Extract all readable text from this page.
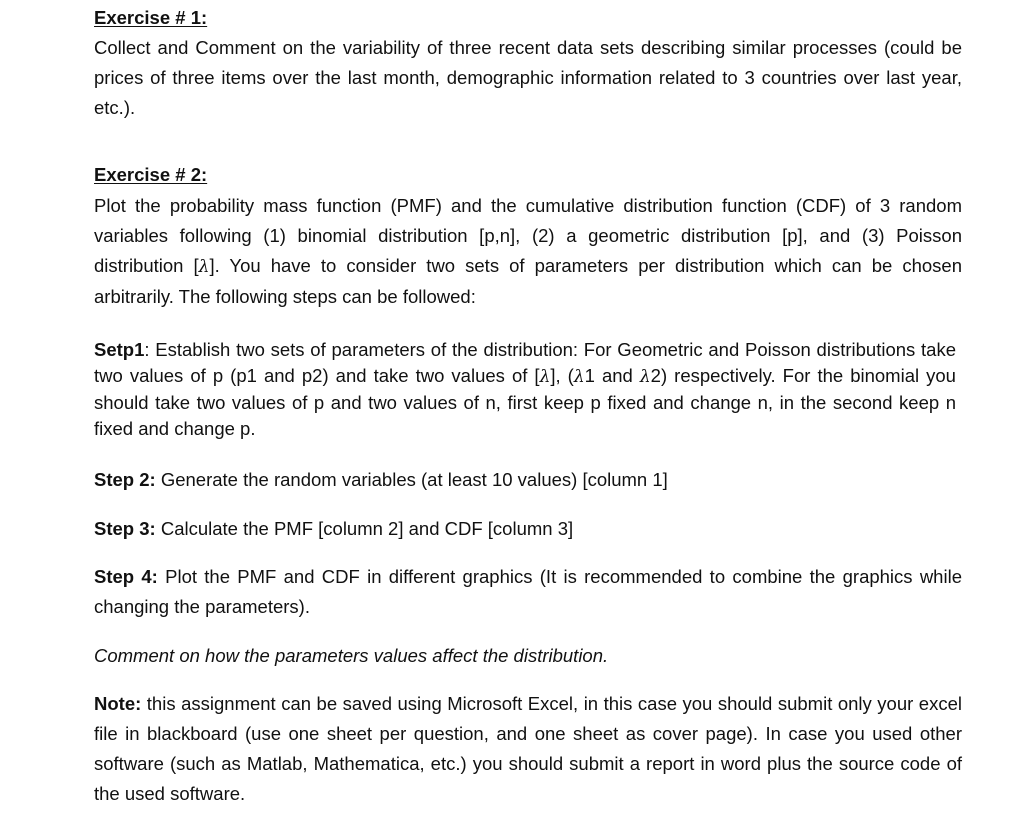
Exercise # 1:

Collect and Comment on the variability of three recent data sets describing similar processes (could be prices of three items over the last month, demographic information related to 3 countries over last year, etc.).

Exercise # 2:

Plot the probability mass function (PMF) and the cumulative distribution function (CDF) of 3 random variables following (1) binomial distribution [p,n], (2) a geometric distribution [p], and (3) Poisson distribution [λ]. You have to consider two sets of parameters per distribution which can be chosen arbitrarily. The following steps can be followed:

Setp1: Establish two sets of parameters of the distribution: For Geometric and Poisson distributions take two values of p (p1 and p2) and take two values of [λ], (λ1 and λ2) respectively. For the binomial you should take two values of p and two values of n, first keep p fixed and change n, in the second keep n fixed and change p.

Step 2: Generate the random variables (at least 10 values) [column 1]

Step 3: Calculate the PMF [column 2] and CDF [column 3]

Step 4: Plot the PMF and CDF in different graphics (It is recommended to combine the graphics while changing the parameters).

Comment on how the parameters values affect the distribution.

Note: this assignment can be saved using Microsoft Excel, in this case you should submit only your excel file in blackboard (use one sheet per question, and one sheet as cover page). In case you used other software (such as Matlab, Mathematica, etc.) you should submit a report in word plus the source code of the used software.
